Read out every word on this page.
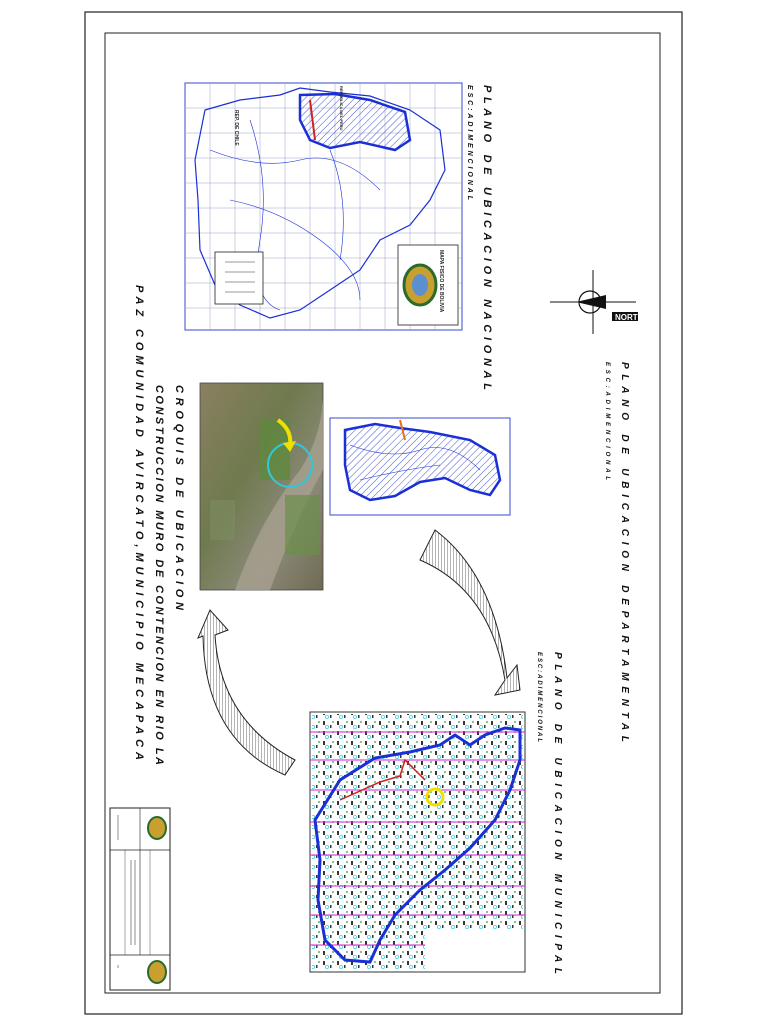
REP. DE CHILE	REPUBLICA DEL PERU
MAPA FISICO DE BOLIVIA
PLANO DE UBICACION NACIONAL
ESC:ADIMENCIONAL
NORTE
PLANO DE UBICACION DEPARTAMENTAL
ESC:ADIMENCIONAL
PLANO DE UBICACION MUNICIPAL
ESC:ADIMENCIONAL
CROQUIS DE UBICACION
CONSTRUCCION MURO DE CONTENCION EN RIO LA
PAZ COMUNIDAD AVIRCATO,MUNICIPIO MECAPACA
